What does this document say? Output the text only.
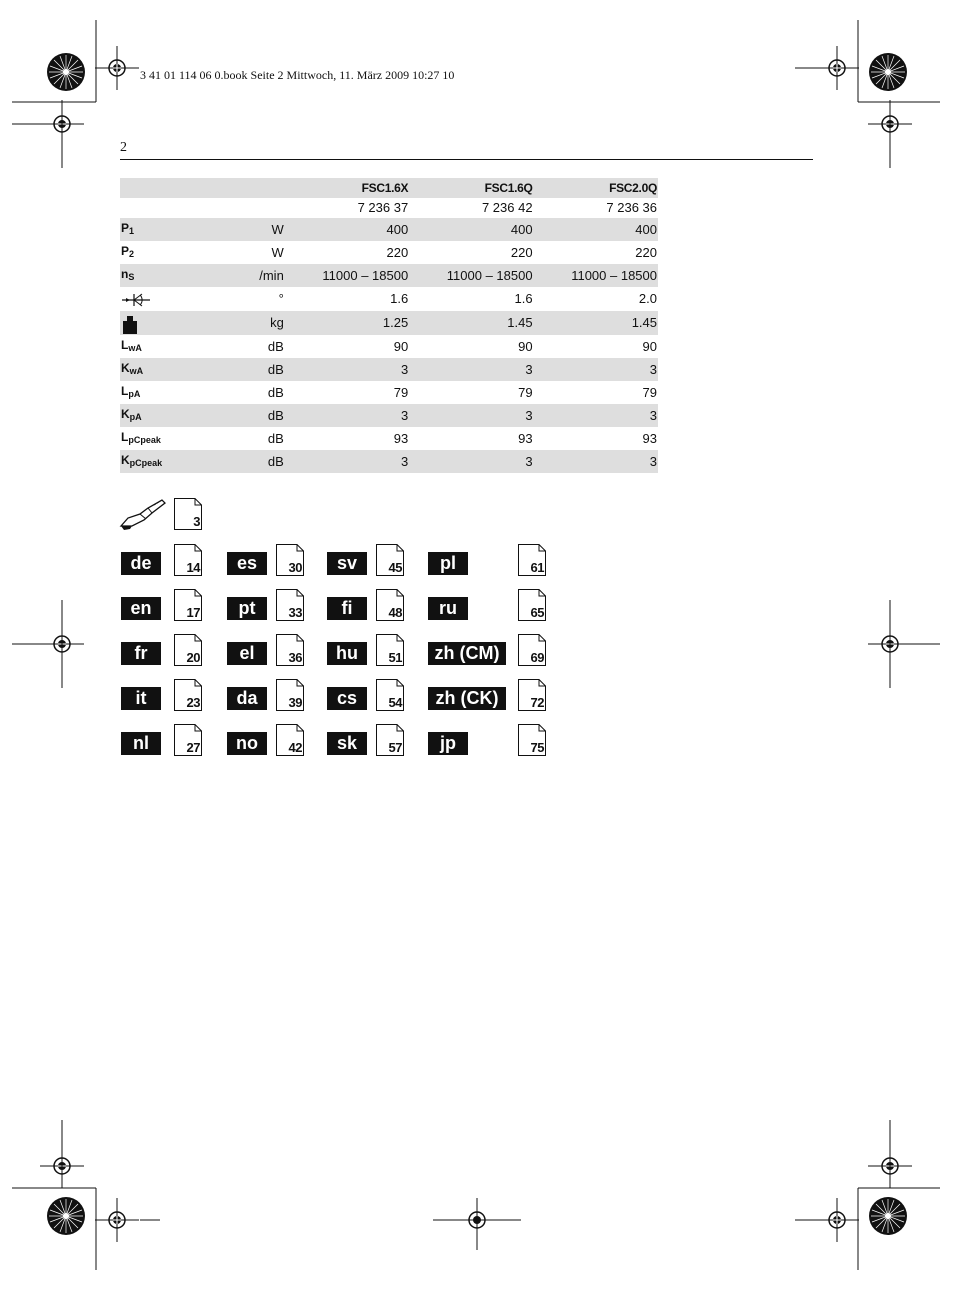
3 41 01 114 06 0.book Seite 2 Mittwoch, 11. März 2009 10:27 10
2
		FSC1.6X	FSC1.6Q	FSC2.0Q
		7 236 37	7 236 42	7 236 36
$P_1$	W	400	400	400
$P_2$	W	220	220	220
$n_S$	/min	11000 – 18500	11000 – 18500	11000 – 18500
	°	1.6	1.6	2.0
	kg	1.25	1.45	1.45
$L_{wA}$	dB	90	90	90
$K_{wA}$	dB	3	3	3
$L_{pA}$	dB	79	79	79
$K_{pA}$	dB	3	3	3
$L_{pCpeak}$	dB	93	93	93
$K_{pCpeak}$	dB	3	3	3
3
de	14	es	30	sv	45	pl	61
en	17	pt	33	fi	48	ru	65
fr	20	el	36	hu	51	zh (CM)	69
it	23	da	39	cs	54	zh (CK)	72
nl	27	no	42	sk	57	jp	75
